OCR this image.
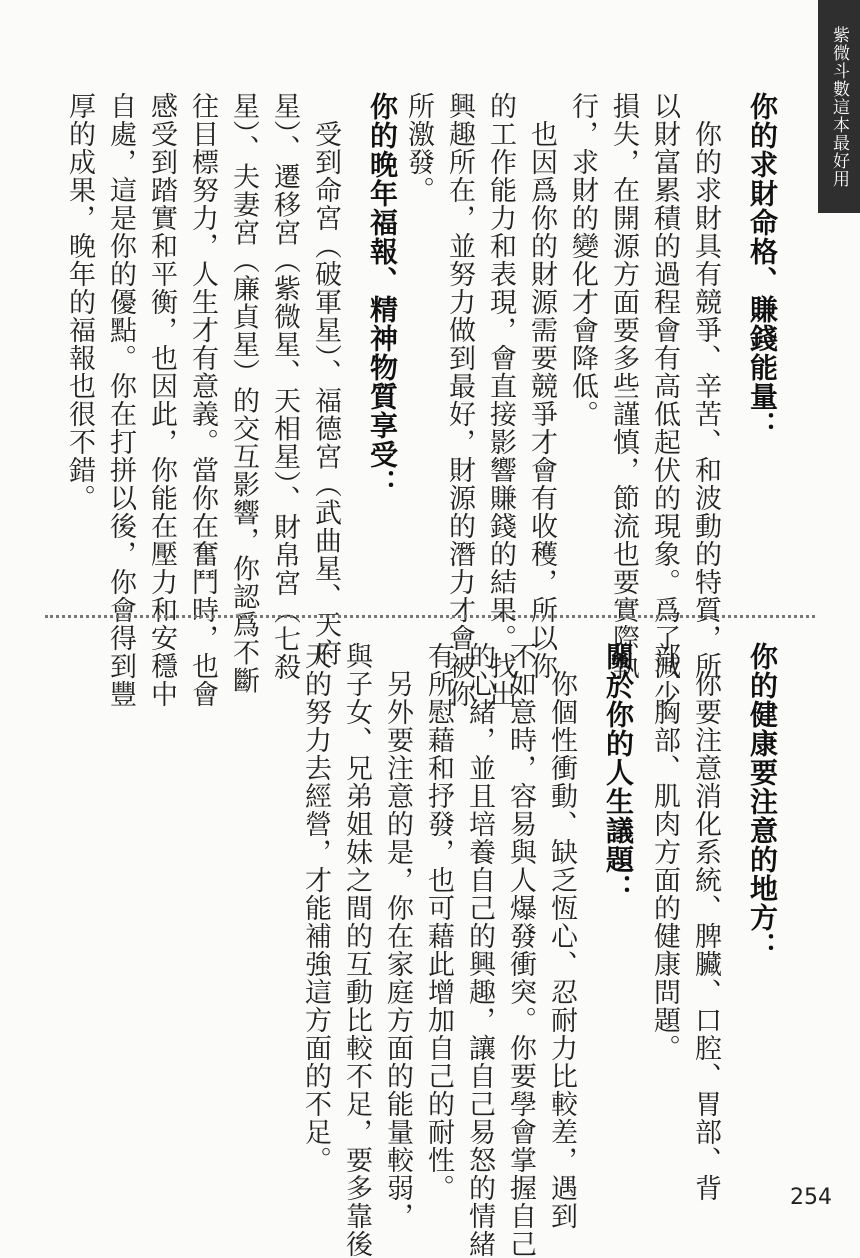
紫微斗數這本最好用
你的求財命格、賺錢能量：
　你的求財具有競爭、辛苦、和波動的特質，所
以財富累積的過程會有高低起伏的現象。爲了減少
損失，在開源方面要多些謹慎，節流也要實際執
行，求財的變化才會降低。
　也因爲你的財源需要競爭才會有收穫，所以你
的工作能力和表現，會直接影響賺錢的結果。找出
興趣所在，並努力做到最好，財源的潛力才會被你
所激發。
你的晚年福報、精神物質享受：
　受到命宮（破軍星）、福德宮（武曲星、天府
星）、遷移宮（紫微星、天相星）、財帛宮（七殺
星）、夫妻宮（廉貞星）的交互影響，你認爲不斷
往目標努力，人生才有意義。當你在奮鬥時，也會
感受到踏實和平衡，也因此，你能在壓力和安穩中
自處，這是你的優點。你在打拼以後，你會得到豐
厚的成果，晚年的福報也很不錯。
你的健康要注意的地方：
　你要注意消化系統、脾臟、口腔、胃部、背
部、胸部、肌肉方面的健康問題。
關於你的人生議題：
　你個性衝動、缺乏恆心、忍耐力比較差，遇到
不如意時，容易與人爆發衝突。你要學會掌握自己
的心緒，並且培養自己的興趣，讓自己易怒的情緒
有所慰藉和抒發，也可藉此增加自己的耐性。
　另外要注意的是，你在家庭方面的能量較弱，
與子女、兄弟姐妹之間的互動比較不足，要多靠後
天的努力去經營，才能補強這方面的不足。
254
